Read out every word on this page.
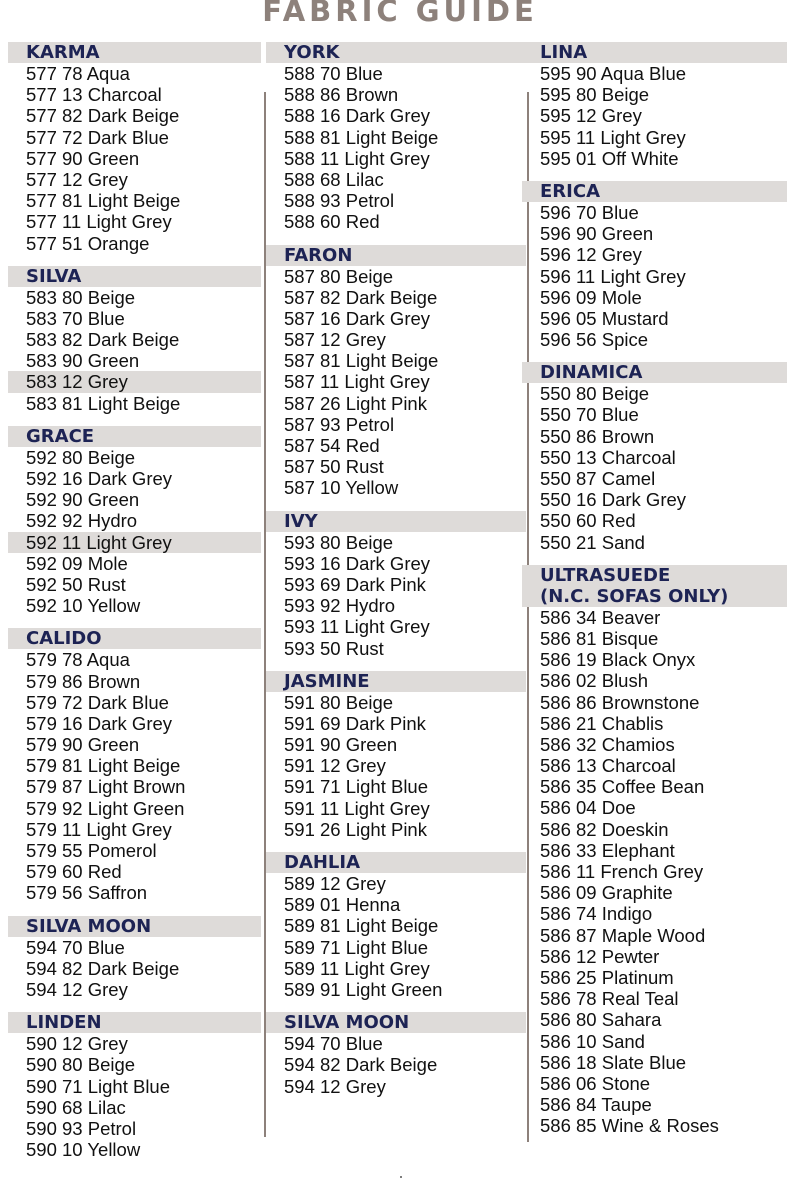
FABRIC GUIDE
KARMA
577 78 Aqua
577 13 Charcoal
577 82 Dark Beige
577 72 Dark Blue
577 90 Green
577 12 Grey
577 81 Light Beige
577 11 Light Grey
577 51 Orange
SILVA
583 80 Beige
583 70 Blue
583 82 Dark Beige
583 90 Green
583 12 Grey
583 81 Light Beige
GRACE
592 80 Beige
592 16 Dark Grey
592 90 Green
592 92 Hydro
592 11 Light Grey
592 09 Mole
592 50 Rust
592 10 Yellow
CALIDO
579 78 Aqua
579 86 Brown
579 72 Dark Blue
579 16 Dark Grey
579 90 Green
579 81 Light Beige
579 87 Light Brown
579 92 Light Green
579 11 Light Grey
579 55 Pomerol
579 60 Red
579 56 Saffron
SILVA MOON
594 70 Blue
594 82 Dark Beige
594 12 Grey
LINDEN
590 12 Grey
590 80 Beige
590 71 Light Blue
590 68 Lilac
590 93 Petrol
590 10 Yellow
YORK
588 70 Blue
588 86 Brown
588 16 Dark Grey
588 81 Light Beige
588 11 Light Grey
588 68 Lilac
588 93 Petrol
588 60 Red
FARON
587 80 Beige
587 82 Dark Beige
587 16 Dark Grey
587 12 Grey
587 81 Light Beige
587 11 Light Grey
587 26 Light Pink
587 93 Petrol
587 54 Red
587 50 Rust
587 10 Yellow
IVY
593 80 Beige
593 16 Dark Grey
593 69 Dark Pink
593 92 Hydro
593 11 Light Grey
593 50 Rust
JASMINE
591 80 Beige
591 69 Dark Pink
591 90 Green
591 12 Grey
591 71 Light Blue
591 11 Light Grey
591 26 Light Pink
DAHLIA
589 12 Grey
589 01 Henna
589 81 Light Beige
589 71 Light Blue
589 11 Light Grey
589 91 Light Green
SILVA MOON
594 70 Blue
594 82 Dark Beige
594 12 Grey
LINA
595 90 Aqua Blue
595 80 Beige
595 12 Grey
595 11 Light Grey
595 01 Off White
ERICA
596 70 Blue
596 90 Green
596 12 Grey
596 11 Light Grey
596 09 Mole
596 05 Mustard
596 56 Spice
DINAMICA
550 80 Beige
550 70 Blue
550 86 Brown
550 13 Charcoal
550 87 Camel
550 16 Dark Grey
550 60 Red
550 21 Sand
ULTRASUEDE
(N.C. SOFAS ONLY)
586 34 Beaver
586 81 Bisque
586 19 Black Onyx
586 02 Blush
586 86 Brownstone
586 21 Chablis
586 32 Chamios
586 13 Charcoal
586 35 Coffee Bean
586 04 Doe
586 82 Doeskin
586 33 Elephant
586 11 French Grey
586 09 Graphite
586 74 Indigo
586 87 Maple Wood
586 12 Pewter
586 25 Platinum
586 78 Real Teal
586 80 Sahara
586 10 Sand
586 18 Slate Blue
586 06 Stone
586 84 Taupe
586 85 Wine & Roses
